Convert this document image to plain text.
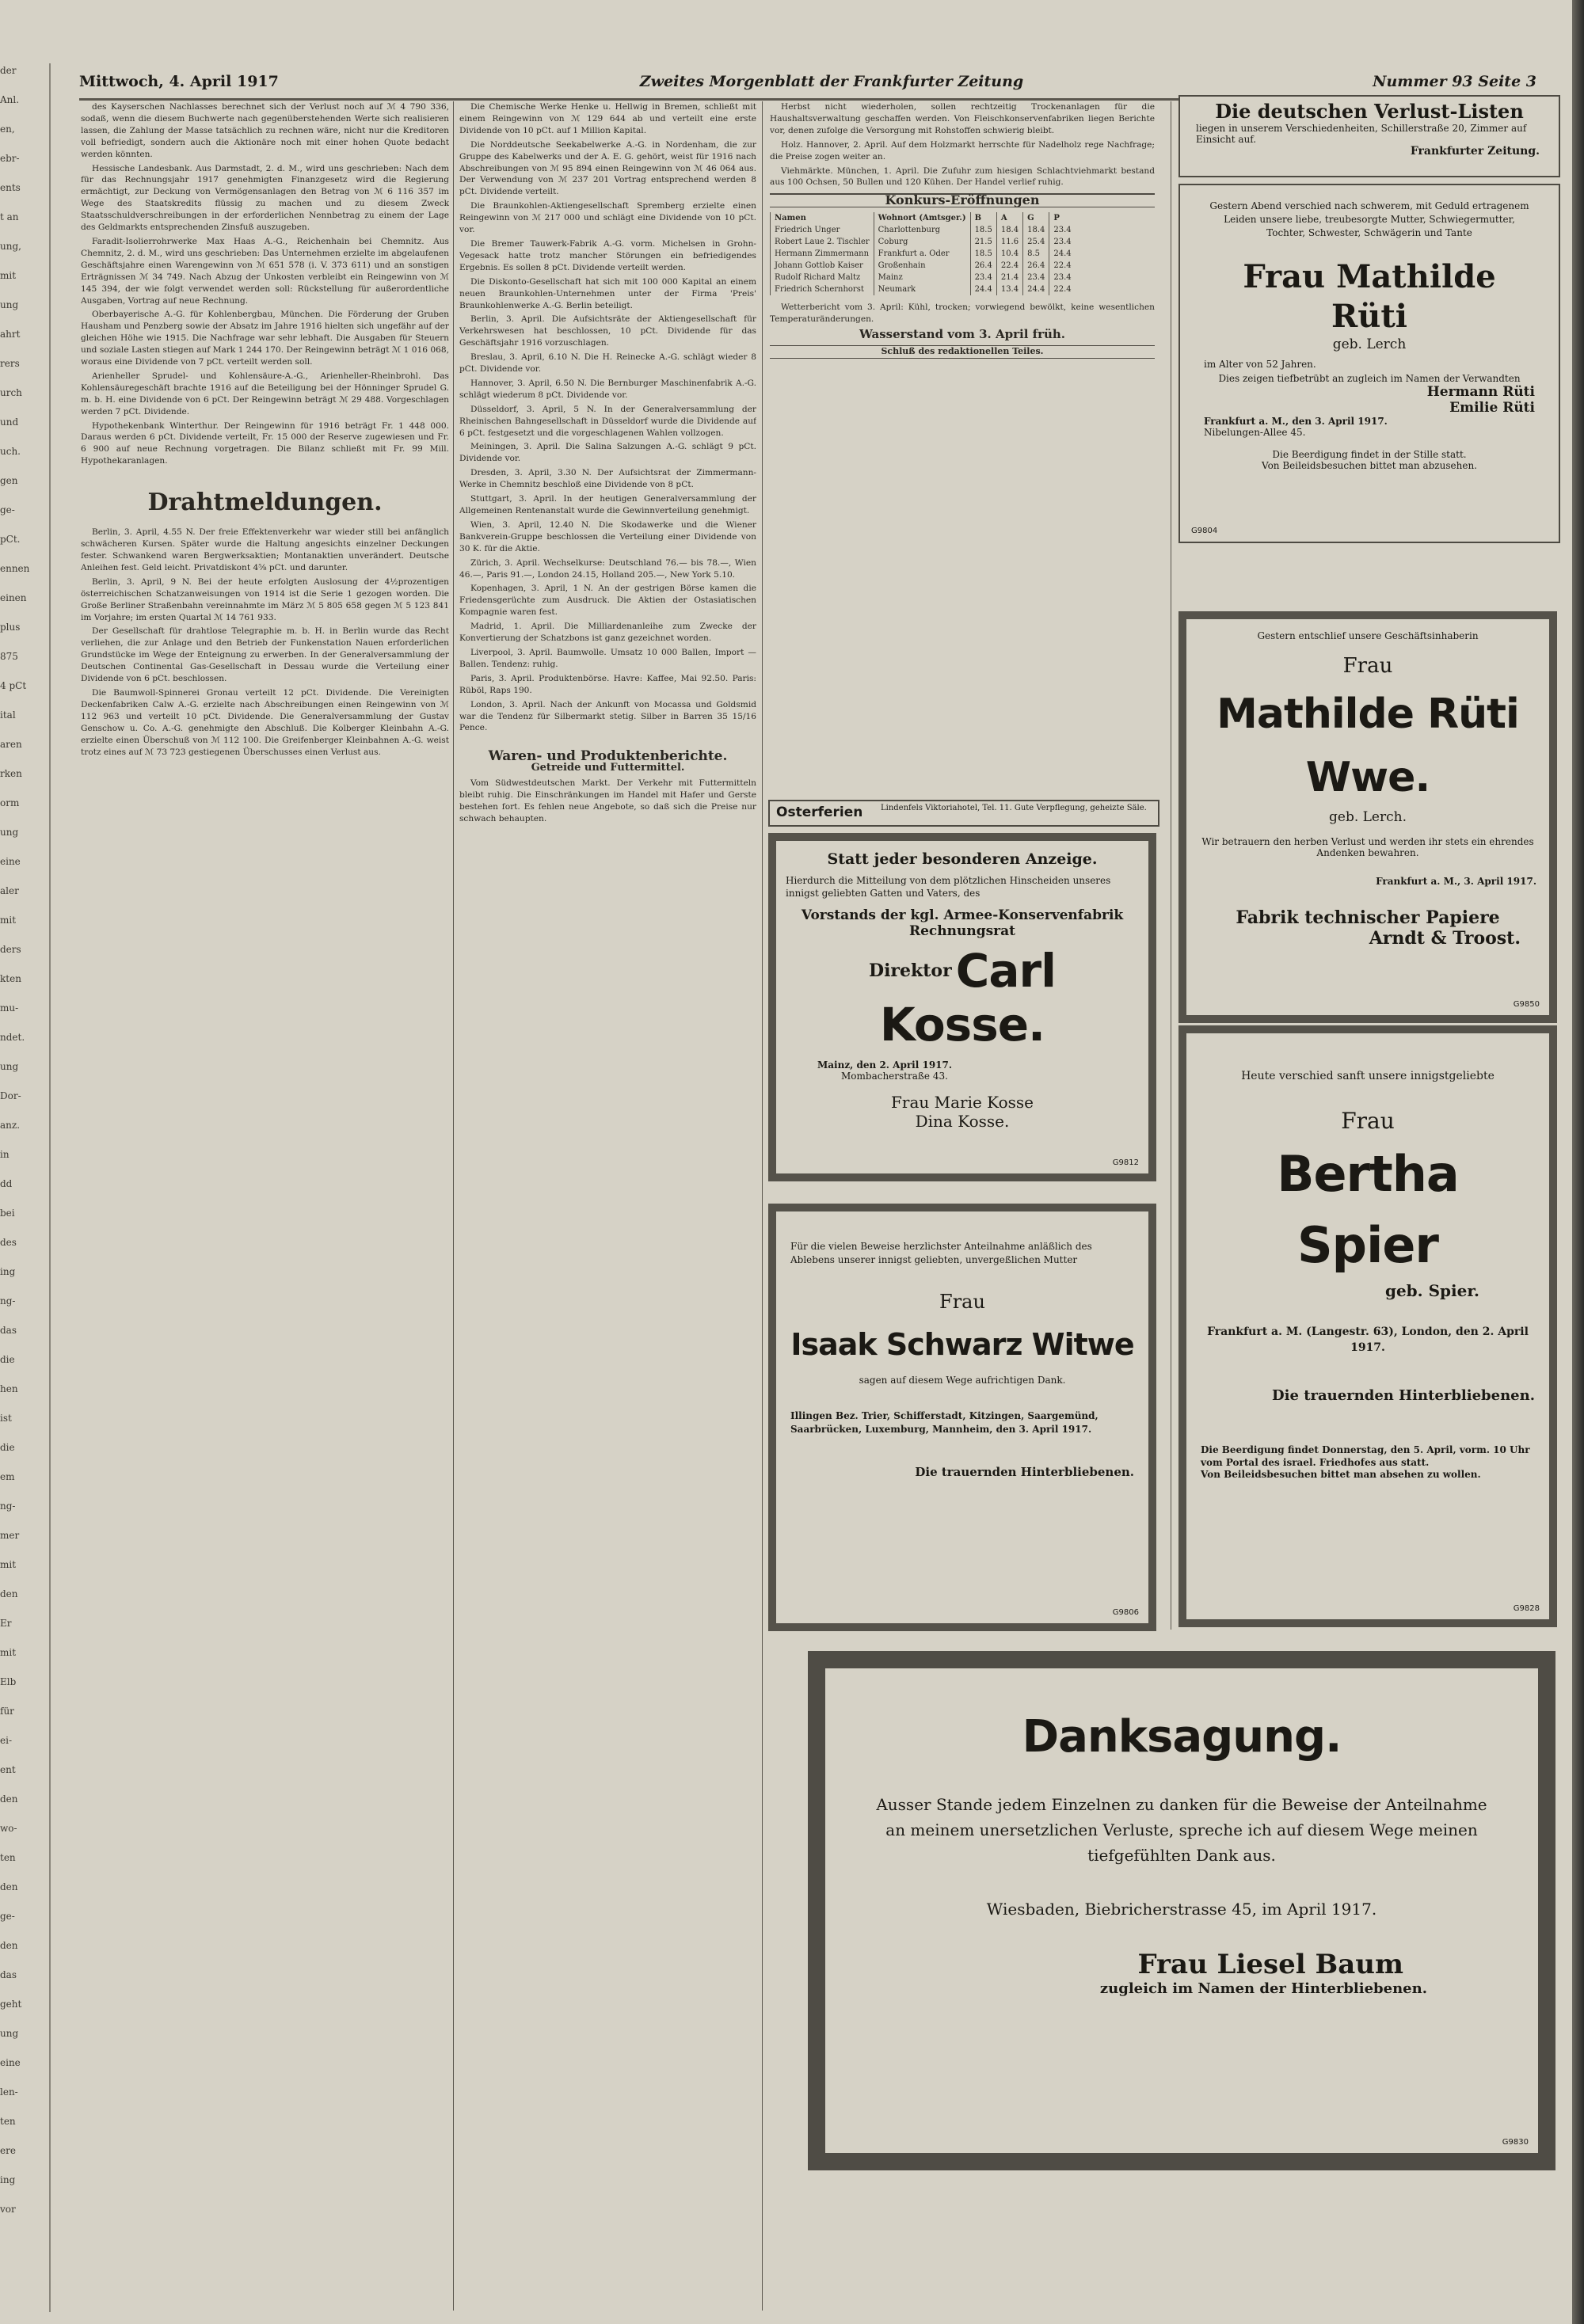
der
Anl.
en,
ebr-
ents
t an
ung,
mit
ung
ahrt
rers
urch
und
uch.
gen
ge-
pCt.
ennen
einen
plus
875
4 pCt
ital
aren
rken
orm
ung
eine
aler
mit
ders
kten
mu-
ndet.
ung
Dor-
anz.
in
dd
bei
des
ing
ng-
das
die
hen
ist
die
em
ng-
mer
mit
den
Er
mit
Elb
für
ei-
ent
den
wo-
ten
den
ge-
den
das
geht
ung
eine
len-
ten
ere
ing
vor
Mittwoch, 4. April 1917	Zweites Morgenblatt der Frankfurter Zeitung	Nummer 93 Seite 3

des Kayserschen Nachlasses berechnet sich der Verlust noch auf ℳ 4 790 336, sodaß, wenn die diesem Buchwerte nach gegenüberstehenden Werte sich realisieren lassen, die Zahlung der Masse tatsächlich zu rechnen wäre, nicht nur die Kreditoren voll befriedigt, sondern auch die Aktionäre noch mit einer hohen Quote bedacht werden könnten.

Hessische Landesbank. Aus Darmstadt, 2. d. M., wird uns geschrieben: Nach dem für das Rechnungsjahr 1917 genehmigten Finanzgesetz wird die Regierung ermächtigt, zur Deckung von Vermögensanlagen den Betrag von ℳ 6 116 357 im Wege des Staatskredits flüssig zu machen und zu diesem Zweck Staatsschuldverschreibungen in der erforderlichen Nennbetrag zu einem der Lage des Geldmarkts entsprechenden Zinsfuß auszugeben.

Faradit-Isolierrohrwerke Max Haas A.-G., Reichenhain bei Chemnitz. Aus Chemnitz, 2. d. M., wird uns geschrieben: Das Unternehmen erzielte im abgelaufenen Geschäftsjahre einen Warengewinn von ℳ 651 578 (i. V. 373 611) und an sonstigen Erträgnissen ℳ 34 749. Nach Abzug der Unkosten verbleibt ein Reingewinn von ℳ 145 394, der wie folgt verwendet werden soll: Rückstellung für außerordentliche Ausgaben, Vortrag auf neue Rechnung.

Oberbayerische A.-G. für Kohlenbergbau, München. Die Förderung der Gruben Hausham und Penzberg sowie der Absatz im Jahre 1916 hielten sich ungefähr auf der gleichen Höhe wie 1915. Die Nachfrage war sehr lebhaft. Die Ausgaben für Steuern und soziale Lasten stiegen auf Mark 1 244 170. Der Reingewinn beträgt ℳ 1 016 068, woraus eine Dividende von 7 pCt. verteilt werden soll.

Arienheller Sprudel- und Kohlensäure-A.-G., Arienheller-Rheinbrohl. Das Kohlensäuregeschäft brachte 1916 auf die Beteiligung bei der Hönninger Sprudel G. m. b. H. eine Dividende von 6 pCt. Der Reingewinn beträgt ℳ 29 488. Vorgeschlagen werden 7 pCt. Dividende.

Hypothekenbank Winterthur. Der Reingewinn für 1916 beträgt Fr. 1 448 000. Daraus werden 6 pCt. Dividende verteilt, Fr. 15 000 der Reserve zugewiesen und Fr. 6 900 auf neue Rechnung vorgetragen. Die Bilanz schließt mit Fr. 99 Mill. Hypothekaranlagen.

Drahtmeldungen.

Berlin, 3. April, 4.55 N. Der freie Effektenverkehr war wieder still bei anfänglich schwächeren Kursen. Später wurde die Haltung angesichts einzelner Deckungen fester. Schwankend waren Bergwerksaktien; Montanaktien unverändert. Deutsche Anleihen fest. Geld leicht. Privatdiskont 4⅝ pCt. und darunter.

Berlin, 3. April, 9 N. Bei der heute erfolgten Auslosung der 4½prozentigen österreichischen Schatzanweisungen von 1914 ist die Serie 1 gezogen worden. Die Große Berliner Straßenbahn vereinnahmte im März ℳ 5 805 658 gegen ℳ 5 123 841 im Vorjahre; im ersten Quartal ℳ 14 761 933.

Der Gesellschaft für drahtlose Telegraphie m. b. H. in Berlin wurde das Recht verliehen, die zur Anlage und den Betrieb der Funkenstation Nauen erforderlichen Grundstücke im Wege der Enteignung zu erwerben. In der Generalversammlung der Deutschen Continental Gas-Gesellschaft in Dessau wurde die Verteilung einer Dividende von 6 pCt. beschlossen.

Die Baumwoll-Spinnerei Gronau verteilt 12 pCt. Dividende. Die Vereinigten Deckenfabriken Calw A.-G. erzielte nach Abschreibungen einen Reingewinn von ℳ 112 963 und verteilt 10 pCt. Dividende. Die Generalversammlung der Gustav Genschow u. Co. A.-G. genehmigte den Abschluß. Die Kolberger Kleinbahn A.-G. erzielte einen Überschuß von ℳ 112 100. Die Greifenberger Kleinbahnen A.-G. weist trotz eines auf ℳ 73 723 gestiegenen Überschusses einen Verlust aus.

Die Chemische Werke Henke u. Hellwig in Bremen, schließt mit einem Reingewinn von ℳ 129 644 ab und verteilt eine erste Dividende von 10 pCt. auf 1 Million Kapital.

Die Norddeutsche Seekabelwerke A.-G. in Nordenham, die zur Gruppe des Kabelwerks und der A. E. G. gehört, weist für 1916 nach Abschreibungen von ℳ 95 894 einen Reingewinn von ℳ 46 064 aus. Der Verwendung von ℳ 237 201 Vortrag entsprechend werden 8 pCt. Dividende verteilt.

Die Braunkohlen-Aktiengesellschaft Spremberg erzielte einen Reingewinn von ℳ 217 000 und schlägt eine Dividende von 10 pCt. vor.

Die Bremer Tauwerk-Fabrik A.-G. vorm. Michelsen in Grohn-Vegesack hatte trotz mancher Störungen ein befriedigendes Ergebnis. Es sollen 8 pCt. Dividende verteilt werden.

Die Diskonto-Gesellschaft hat sich mit 100 000 Kapital an einem neuen Braunkohlen-Unternehmen unter der Firma 'Preis' Braunkohlenwerke A.-G. Berlin beteiligt.

Berlin, 3. April. Die Aufsichtsräte der Aktiengesellschaft für Verkehrswesen hat beschlossen, 10 pCt. Dividende für das Geschäftsjahr 1916 vorzuschlagen.

Breslau, 3. April, 6.10 N. Die H. Reinecke A.-G. schlägt wieder 8 pCt. Dividende vor.

Hannover, 3. April, 6.50 N. Die Bernburger Maschinenfabrik A.-G. schlägt wiederum 8 pCt. Dividende vor.

Düsseldorf, 3. April, 5 N. In der Generalversammlung der Rheinischen Bahngesellschaft in Düsseldorf wurde die Dividende auf 6 pCt. festgesetzt und die vorgeschlagenen Wahlen vollzogen.

Meiningen, 3. April. Die Salina Salzungen A.-G. schlägt 9 pCt. Dividende vor.

Dresden, 3. April, 3.30 N. Der Aufsichtsrat der Zimmermann-Werke in Chemnitz beschloß eine Dividende von 8 pCt.

Stuttgart, 3. April. In der heutigen Generalversammlung der Allgemeinen Rentenanstalt wurde die Gewinnverteilung genehmigt.

Wien, 3. April, 12.40 N. Die Skodawerke und die Wiener Bankverein-Gruppe beschlossen die Verteilung einer Dividende von 30 K. für die Aktie.

Zürich, 3. April. Wechselkurse: Deutschland 76.— bis 78.—, Wien 46.—, Paris 91.—, London 24.15, Holland 205.—, New York 5.10.

Kopenhagen, 3. April, 1 N. An der gestrigen Börse kamen die Friedensgerüchte zum Ausdruck. Die Aktien der Ostasiatischen Kompagnie waren fest.

Madrid, 1. April. Die Milliardenanleihe zum Zwecke der Konvertierung der Schatzbons ist ganz gezeichnet worden.

Liverpool, 3. April. Baumwolle. Umsatz 10 000 Ballen, Import — Ballen. Tendenz: ruhig.

Paris, 3. April. Produktenbörse. Havre: Kaffee, Mai 92.50. Paris: Rüböl, Raps 190.

London, 3. April. Nach der Ankunft von Mocassa und Goldsmid war die Tendenz für Silbermarkt stetig. Silber in Barren 35 15/16 Pence.

Waren- und Produktenberichte.
Getreide und Futtermittel.

Vom Südwestdeutschen Markt. Der Verkehr mit Futtermitteln bleibt ruhig. Die Einschränkungen im Handel mit Hafer und Gerste bestehen fort. Es fehlen neue Angebote, so daß sich die Preise nur schwach behaupten.

Herbst nicht wiederholen, sollen rechtzeitig Trockenanlagen für die Haushaltsverwaltung geschaffen werden. Von Fleischkonservenfabriken liegen Berichte vor, denen zufolge die Versorgung mit Rohstoffen schwierig bleibt.

Holz. Hannover, 2. April. Auf dem Holzmarkt herrschte für Nadelholz rege Nachfrage; die Preise zogen weiter an.

Viehmärkte. München, 1. April. Die Zufuhr zum hiesigen Schlachtviehmarkt bestand aus 100 Ochsen, 50 Bullen und 120 Kühen. Der Handel verlief ruhig.

Konkurs-Eröffnungen
Namen	Wohnort (Amtsger.)	B	A	G	P
Friedrich Unger	Charlottenburg	18.5	18.4	18.4	23.4
Robert Laue 2. Tischler	Coburg	21.5	11.6	25.4	23.4
Hermann Zimmermann	Frankfurt a. Oder	18.5	10.4	8.5	24.4
Johann Gottlob Kaiser	Großenhain	26.4	22.4	26.4	22.4
Rudolf Richard Maltz	Mainz	23.4	21.4	23.4	23.4
Friedrich Schernhorst	Neumark	24.4	13.4	24.4	22.4

Wetterbericht vom 3. April: Kühl, trocken; vorwiegend bewölkt, keine wesentlichen Temperaturänderungen.

Wasserstand vom 3. April früh.
Schluß des redaktionellen Teiles.
Osterferien Lindenfels Viktoriahotel, Tel. 11. Gute Verpflegung, geheizte Säle.
Die deutschen Verlust-Listen
liegen in unserem Verschiedenheiten, Schillerstraße 20, Zimmer auf Einsicht auf.
Frankfurter Zeitung.
Gestern Abend verschied nach schwerem, mit Geduld ertragenem Leiden unsere liebe, treubesorgte Mutter, Schwiegermutter, Tochter, Schwester, Schwägerin und Tante
Frau Mathilde Rüti
geb. Lerch
im Alter von 52 Jahren.
Dies zeigen tiefbetrübt an zugleich im Namen der Verwandten
Hermann Rüti
Emilie Rüti
Frankfurt a. M., den 3. April 1917.
Nibelungen-Allee 45.
Die Beerdigung findet in der Stille statt.
Von Beileidsbesuchen bittet man abzusehen.
G9804
Gestern entschlief unsere Geschäftsinhaberin
Frau
Mathilde Rüti Wwe.
geb. Lerch.
Wir betrauern den herben Verlust und werden ihr stets ein ehrendes Andenken bewahren.
Frankfurt a. M., 3. April 1917.
Fabrik technischer Papiere
Arndt & Troost.
G9850
Statt jeder besonderen Anzeige.
Hierdurch die Mitteilung von dem plötzlichen Hinscheiden unseres innigst geliebten Gatten und Vaters, des
Vorstands der kgl. Armee-Konservenfabrik
Rechnungsrat
Direktor Carl Kosse.
Mainz, den 2. April 1917.
Mombacherstraße 43.
Frau Marie Kosse
Dina Kosse.
G9812
Heute verschied sanft unsere innigstgeliebte
Frau
Bertha Spier
geb. Spier.
Frankfurt a. M. (Langestr. 63), London, den 2. April 1917.
Die trauernden Hinterbliebenen.
Die Beerdigung findet Donnerstag, den 5. April, vorm. 10 Uhr vom Portal des israel. Friedhofes aus statt.
Von Beileidsbesuchen bittet man absehen zu wollen.
G9828
Für die vielen Beweise herzlichster Anteilnahme anläßlich des Ablebens unserer innigst geliebten, unvergeßlichen Mutter
Frau
Isaak Schwarz Witwe
sagen auf diesem Wege aufrichtigen Dank.
Illingen Bez. Trier, Schifferstadt, Kitzingen, Saargemünd, Saarbrücken, Luxemburg, Mannheim, den 3. April 1917.
Die trauernden Hinterbliebenen.
G9806
Danksagung.
Ausser Stande jedem Einzelnen zu danken für die Beweise der Anteilnahme an meinem unersetzlichen Verluste, spreche ich auf diesem Wege meinen tiefgefühlten Dank aus.
Wiesbaden, Biebricherstrasse 45, im April 1917.
Frau Liesel Baum
zugleich im Namen der Hinterbliebenen.
G9830
